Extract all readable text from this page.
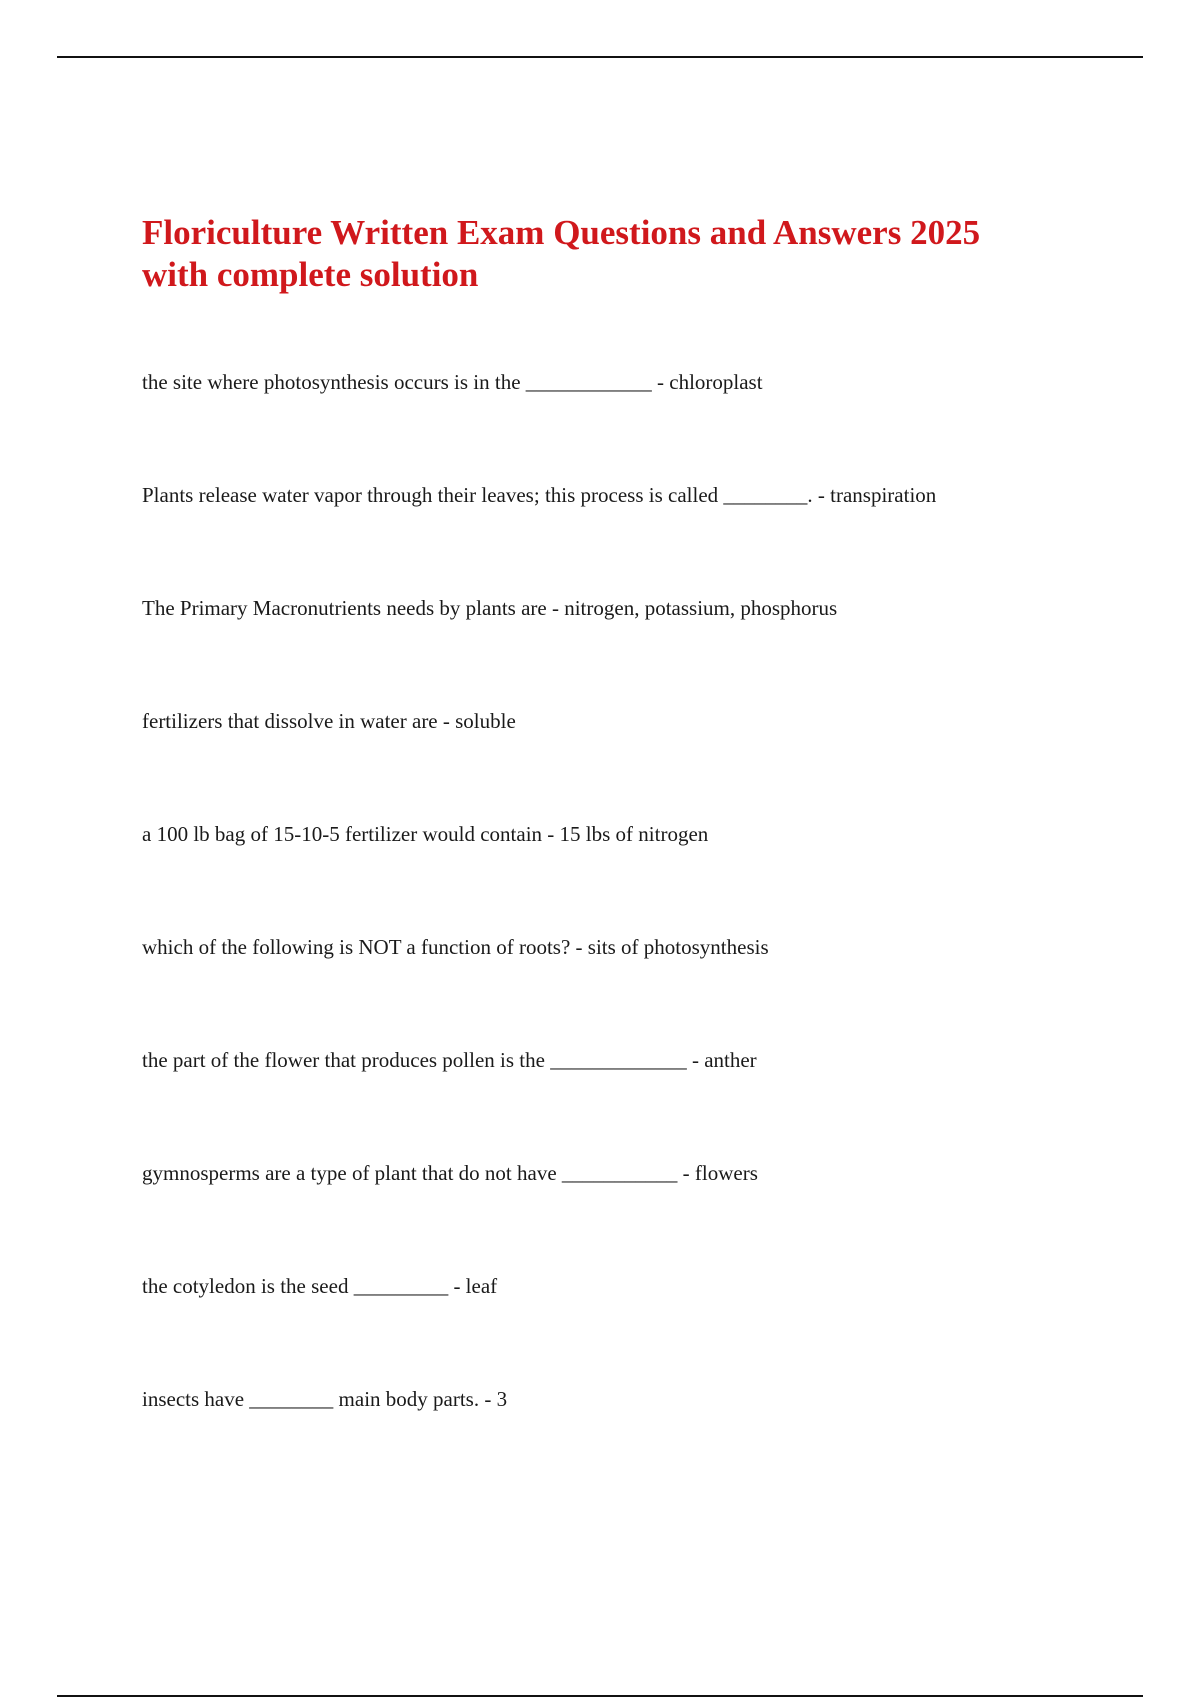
Floriculture Written Exam Questions and Answers 2025
with complete solution
the site where photosynthesis occurs is in the ____________ - chloroplast
Plants release water vapor through their leaves; this process is called ________. - transpiration
The Primary Macronutrients needs by plants are - nitrogen, potassium, phosphorus
fertilizers that dissolve in water are - soluble
a 100 lb bag of 15-10-5 fertilizer would contain - 15 lbs of nitrogen
which of the following is NOT a function of roots? - sits of photosynthesis
the part of the flower that produces pollen is the _____________ - anther
gymnosperms are a type of plant that do not have ___________ - flowers
the cotyledon is the seed _________ - leaf
insects have ________ main body parts. - 3
